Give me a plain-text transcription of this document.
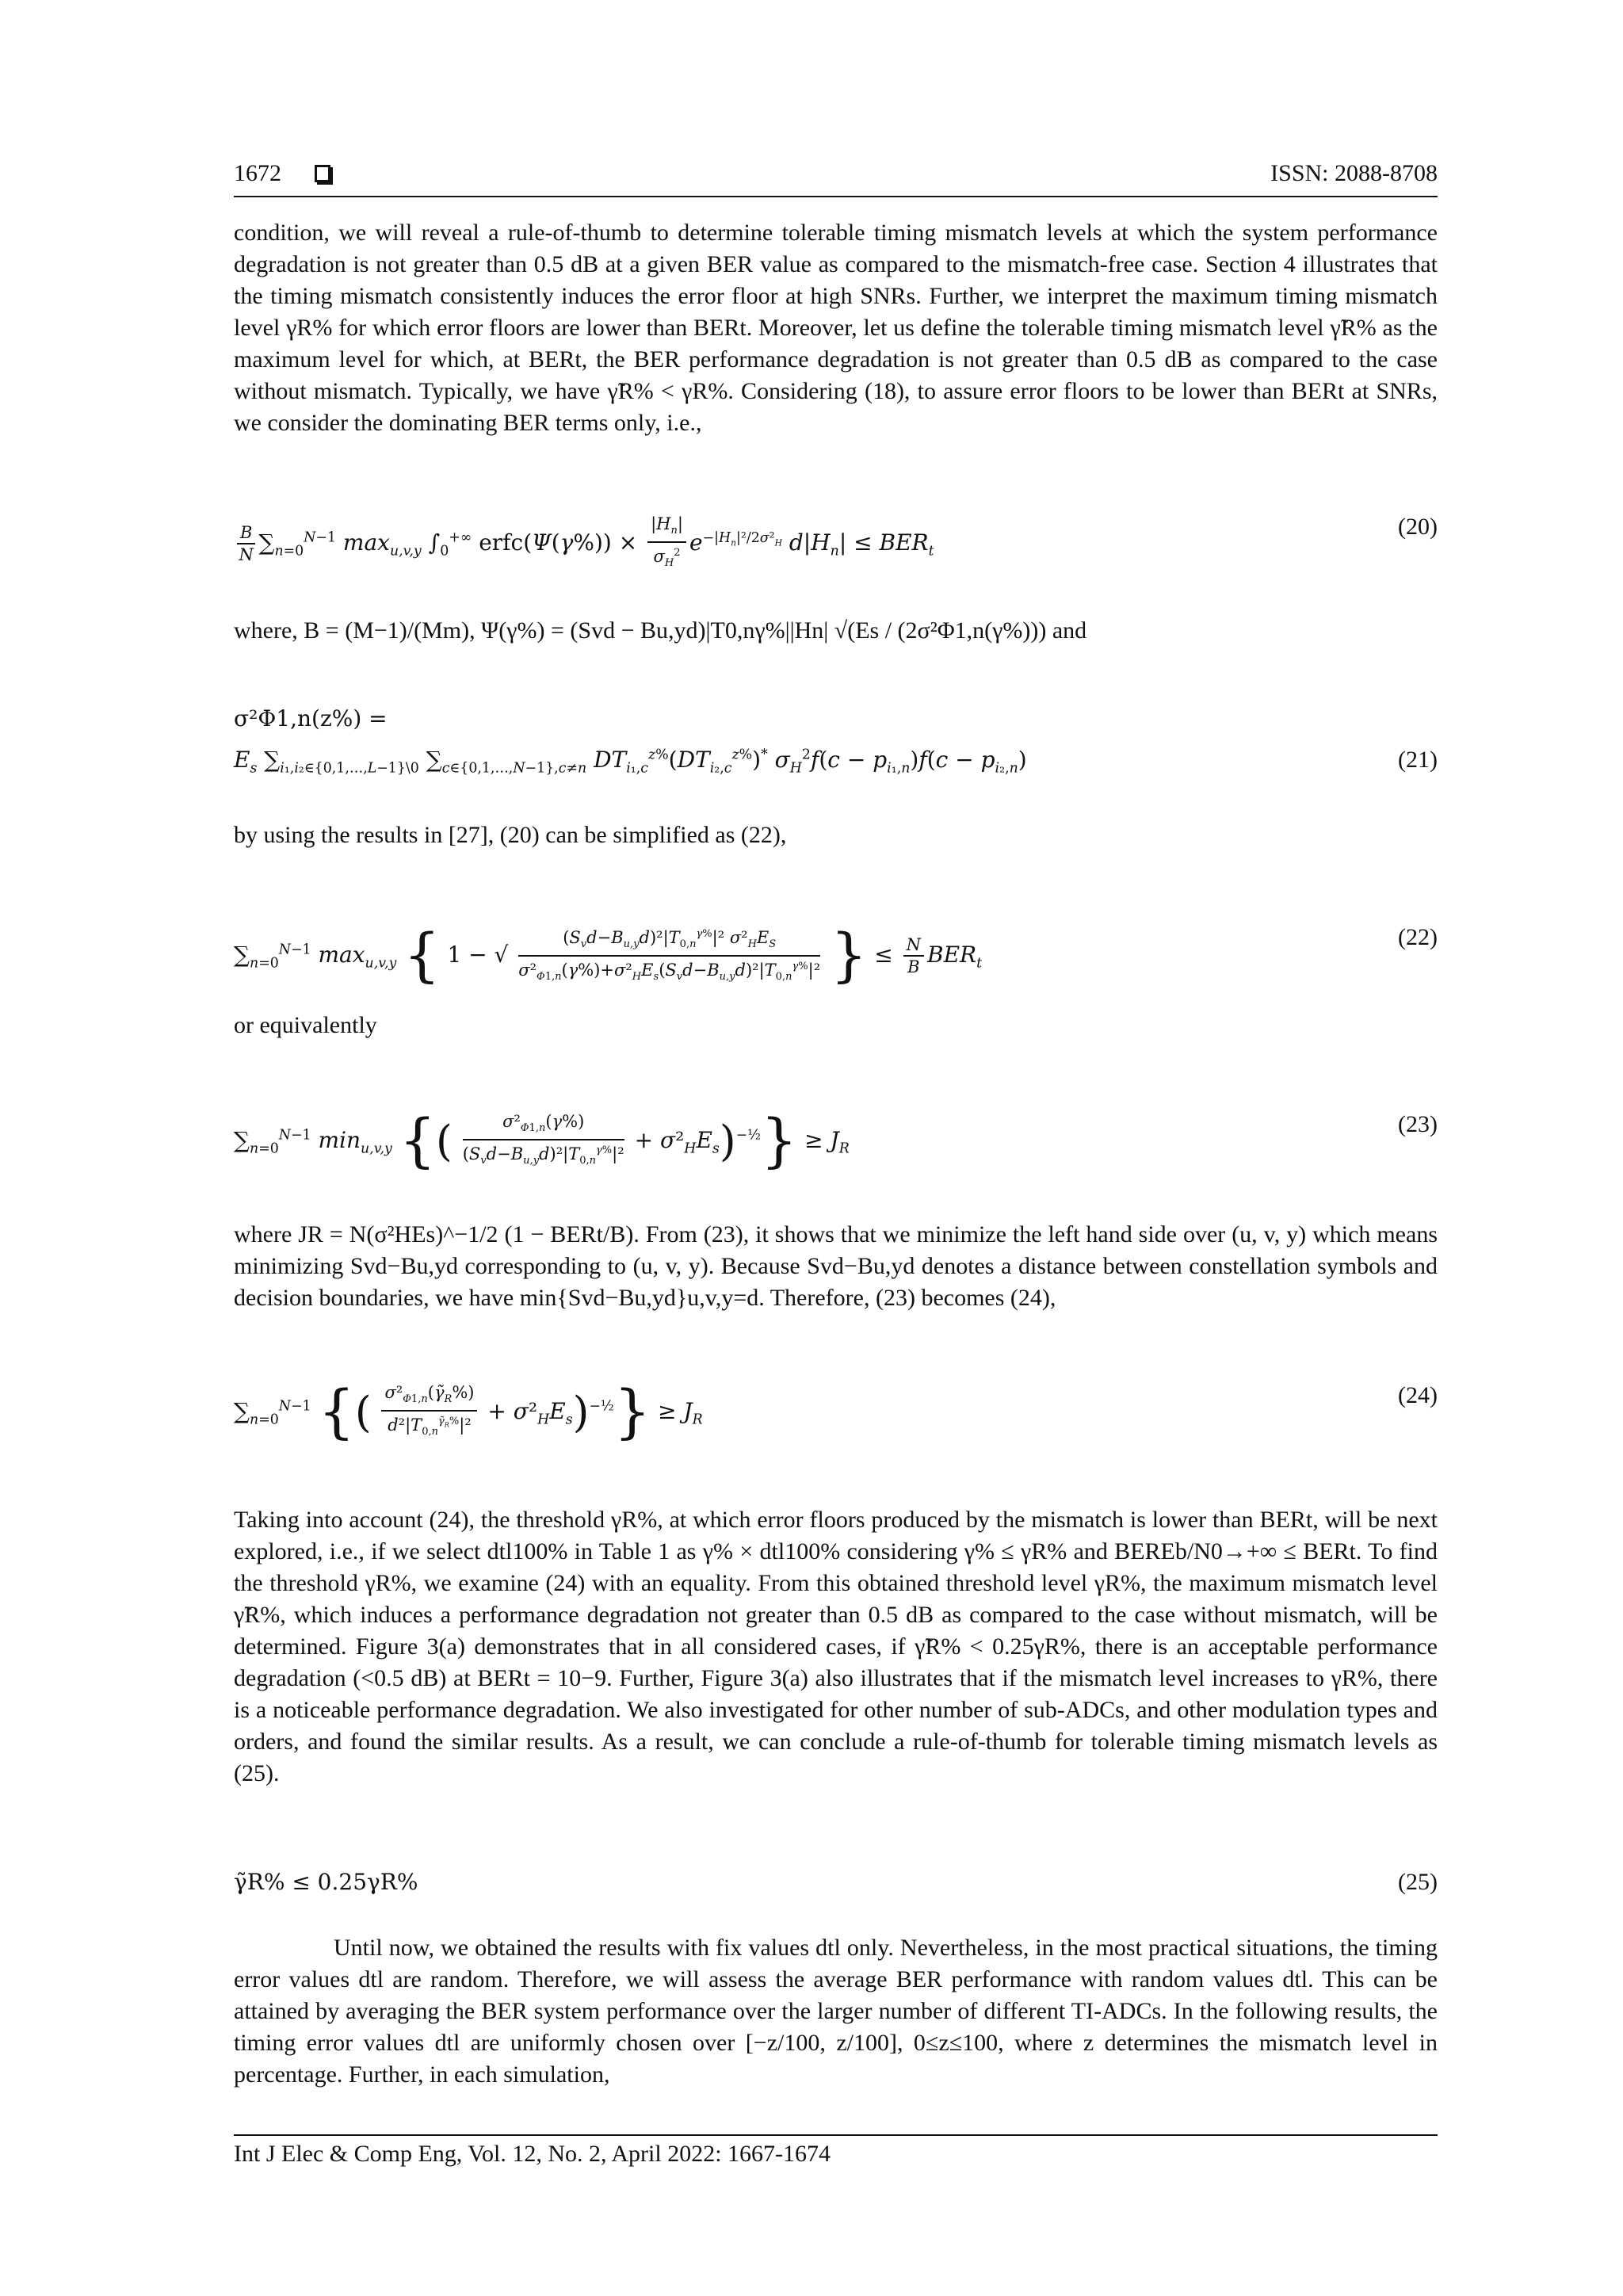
1672	ISSN: 2088-8708

condition, we will reveal a rule-of-thumb to determine tolerable timing mismatch levels at which the system performance degradation is not greater than 0.5 dB at a given BER value as compared to the mismatch-free case. Section 4 illustrates that the timing mismatch consistently induces the error floor at high SNRs. Further, we interpret the maximum timing mismatch level γR% for which error floors are lower than BERt. Moreover, let us define the tolerable timing mismatch level γ̃R% as the maximum level for which, at BERt, the BER performance degradation is not greater than 0.5 dB as compared to the case without mismatch. Typically, we have γ̃R% < γR%. Considering (18), to assure error floors to be lower than BERt at SNRs, we consider the dominating BER terms only, i.e.,

$\frac{B}{N} \sum_{n=0}^{N-1}$ $\max_{u,v,y} \int_0^{+\infty}$ erfc(Ψ(γ%)) × $\frac{|H_n|}{\sigma_H^2} e^{-|H_n|^2/2\sigma^2_H}$ $d|H_n| \le BER_t$
(20)

where, B = (M−1)/(Mm), Ψ(γ%) = (Svd − Bu,yd)|T0,nγ%||Hn| √(Es / (2σ²Φ1,n(γ%))) and

σ²Φ1,n(z%) =
$E_s$ $\sum_{i_1,i_2\in\{0,1,\dots,L-1\}\backslash 0}$ $\sum_{c\in\{0,1,\dots,N-1\},c\ne n}$ $DT_{i_1,c}^{z\%}(DT_{i_2,c}^{z\%})^*$ $\sigma_H^2f(c - p_{i_1,n})f(c - p_{i_2,n})$	(21)

by using the results in [27], (20) can be simplified as (22),

$\sum_{n=0}^{N-1}$ $\max_{u,v,y}$ { 1 − √ $\frac{(S_vd-B_{u,y}d)^2|T_{0,n}^{\gamma\%}|^2 \sigma^2_HE_S}{\sigma^2_{\Phi 1,n}(\gamma\%)+\sigma^2_HE_s(S_vd-B_{u,y}d)^2|T_{0,n}^{\gamma\%}|^2}$ } ≤ $\frac{N}{B} BER_t$
(22)

or equivalently

$\sum_{n=0}^{N-1}$ $\min_{u,v,y}$ {( $\frac{\sigma^2_{\Phi 1,n}(\gamma\%)}{(S_vd-B_{u,y}d)^2|T_{0,n}^{\gamma\%}|^2} + \sigma^2_HE_s)^{-\frac{1}{2}}\} \ge J_R$
(23)

where JR = N(σ²HEs)^−1/2 (1 − BERt/B). From (23), it shows that we minimize the left hand side over (u, v, y) which means minimizing Svd−Bu,yd corresponding to (u, v, y). Because Svd−Bu,yd denotes a distance between constellation symbols and decision boundaries, we have min{Svd−Bu,yd}u,v,y=d. Therefore, (23) becomes (24),

$\sum_{n=0}^{N-1}$ {( $\frac{\sigma^2_{\Phi 1,n}(\gammã_R\%)}{d^2|T_{0,n}^{\gammã_R\%}|^2} + \sigma^2_HE_s)^{-\frac{1}{2}}\} \ge J_R$
(24)

Taking into account (24), the threshold γR%, at which error floors produced by the mismatch is lower than BERt, will be next explored, i.e., if we select dtl100% in Table 1 as γ% × dtl100% considering γ% ≤ γR% and BEREb/N0→+∞ ≤ BERt. To find the threshold γR%, we examine (24) with an equality. From this obtained threshold level γR%, the maximum mismatch level γ̃R%, which induces a performance degradation not greater than 0.5 dB as compared to the case without mismatch, will be determined. Figure 3(a) demonstrates that in all considered cases, if γ̃R% < 0.25γR%, there is an acceptable performance degradation (<0.5 dB) at BERt = 10−9. Further, Figure 3(a) also illustrates that if the mismatch level increases to γR%, there is a noticeable performance degradation. We also investigated for other number of sub-ADCs, and other modulation types and orders, and found the similar results. As a result, we can conclude a rule-of-thumb for tolerable timing mismatch levels as (25).

γ̃R% ≤ 0.25γR%	(25)

Until now, we obtained the results with fix values dtl only. Nevertheless, in the most practical situations, the timing error values dtl are random. Therefore, we will assess the average BER performance with random values dtl. This can be attained by averaging the BER system performance over the larger number of different TI-ADCs. In the following results, the timing error values dtl are uniformly chosen over [−z/100, z/100], 0≤z≤100, where z determines the mismatch level in percentage. Further, in each simulation,

Int J Elec & Comp Eng, Vol. 12, No. 2, April 2022: 1667-1674
